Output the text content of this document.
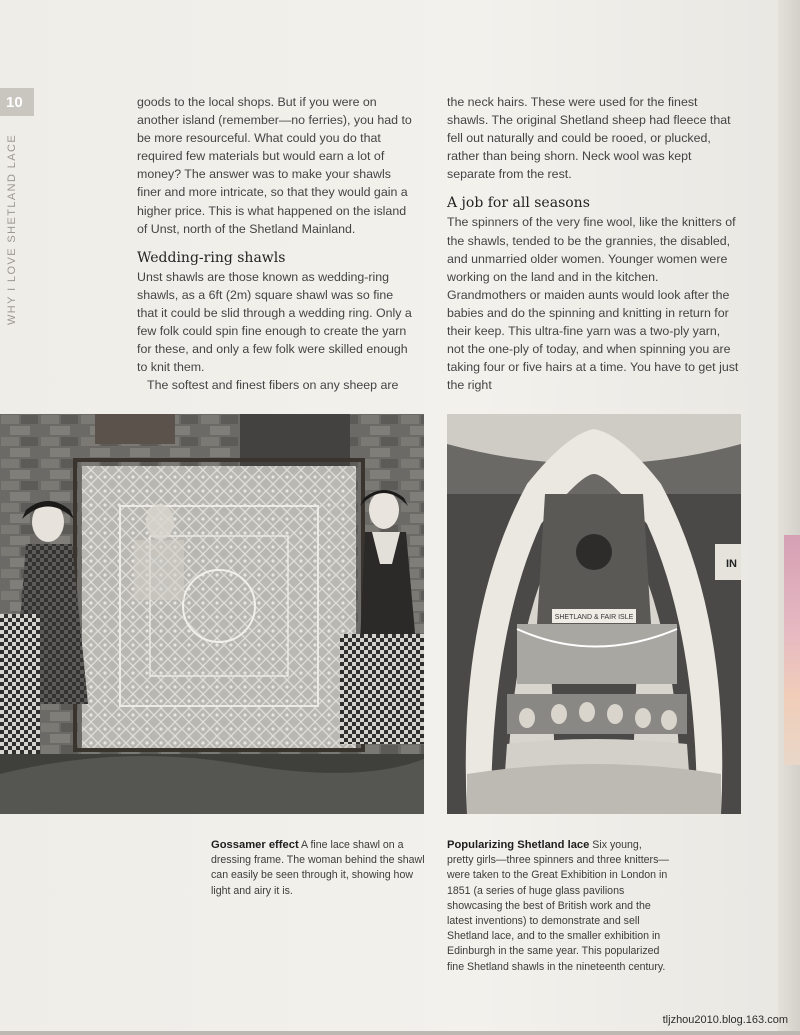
10
WHY I LOVE SHETLAND LACE

goods to the local shops. But if you were on another island (remember—no ferries), you had to be more resourceful. What could you do that required few materials but would earn a lot of money? The answer was to make your shawls finer and more intricate, so that they would gain a higher price. This is what happened on the island of Unst, north of the Shetland Mainland.

Wedding-ring shawls

Unst shawls are those known as wedding-ring shawls, as a 6ft (2m) square shawl was so fine that it could be slid through a wedding ring. Only a few folk could spin fine enough to create the yarn for these, and only a few folk were skilled enough to knit them.

The softest and finest fibers on any sheep are

the neck hairs. These were used for the finest shawls. The original Shetland sheep had fleece that fell out naturally and could be rooed, or plucked, rather than being shorn. Neck wool was kept separate from the rest.

A job for all seasons

The spinners of the very fine wool, like the knitters of the shawls, tended to be the grannies, the disabled, and unmarried older women. Younger women were working on the land and in the kitchen. Grandmothers or maiden aunts would look after the babies and do the spinning and knitting in return for their keep. This ultra-fine yarn was a two-ply yarn, not the one-ply of today, and when spinning you are taking four or five hairs at a time. You have to get just the right

IN
SHETLAND & FAIR ISLE
Gossamer effect A fine lace shawl on a dressing frame. The woman behind the shawl can easily be seen through it, showing how light and airy it is.
Popularizing Shetland lace Six young, pretty girls—three spinners and three knitters—were taken to the Great Exhibition in London in 1851 (a series of huge glass pavilions showcasing the best of British work and the latest inventions) to demonstrate and sell Shetland lace, and to the smaller exhibition in Edinburgh in the same year. This popularized fine Shetland shawls in the nineteenth century.
tljzhou2010.blog.163.com
